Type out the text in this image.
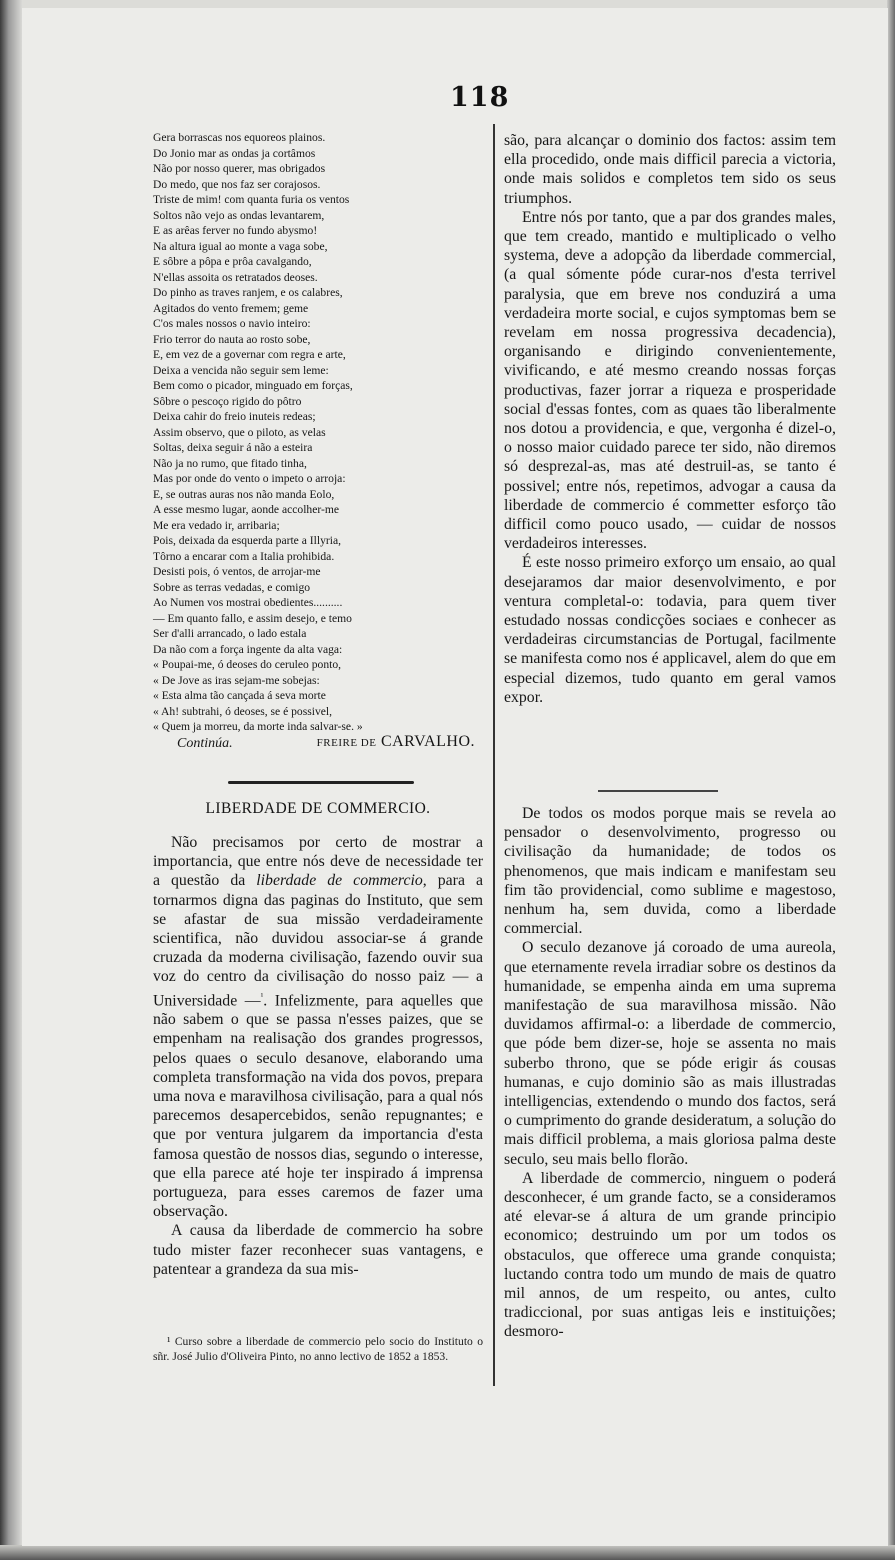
118
Gera borrascas nos equoreos plainos.
Do Jonio mar as ondas ja cortâmos
Não por nosso querer, mas obrigados
Do medo, que nos faz ser corajosos.
Triste de mim! com quanta furia os ventos
Soltos não vejo as ondas levantarem,
E as arêas ferver no fundo abysmo!
Na altura igual ao monte a vaga sobe,
E sôbre a pôpa e prôa cavalgando,
N'ellas assoita os retratados deoses.
Do pinho as traves ranjem, e os calabres,
Agitados do vento fremem; geme
C'os males nossos o navio inteiro:
Frio terror do nauta ao rosto sobe,
E, em vez de a governar com regra e arte,
Deixa a vencida não seguir sem leme:
Bem como o picador, minguado em forças,
Sôbre o pescoço rigido do pôtro
Deixa cahir do freio inuteis redeas;
Assim observo, que o piloto, as velas
Soltas, deixa seguir á não a esteira
Não ja no rumo, que fitado tinha,
Mas por onde do vento o impeto o arroja:
E, se outras auras nos não manda Eolo,
A esse mesmo lugar, aonde accolher-me
Me era vedado ir, arribaria;
Pois, deixada da esquerda parte a Illyria,
Tôrno a encarar com a Italia prohibida.
Desisti pois, ó ventos, de arrojar-me
Sobre as terras vedadas, e comigo
Ao Numen vos mostrai obedientes..........
— Em quanto fallo, e assim desejo, e temo
Ser d'alli arrancado, o lado estala
Da não com a força ingente da alta vaga:
« Poupai-me, ó deoses do ceruleo ponto,
« De Jove as iras sejam-me sobejas:
« Esta alma tão cançada á seva morte
« Ah! subtrahi, ó deoses, se é possivel,
« Quem ja morreu, da morte inda salvar-se. »
Continúa.	FREIRE DE CARVALHO.
LIBERDADE DE COMMERCIO.

Não precisamos por certo de mostrar a importancia, que entre nós deve de necessidade ter a questão da liberdade de commercio, para a tornarmos digna das paginas do Instituto, que sem se afastar de sua missão verdadeiramente scientifica, não duvidou associar-se á grande cruzada da moderna civilisação, fazendo ouvir sua voz do centro da civilisação do nosso paiz — a Universidade —$^{^1}$. Infelizmente, para aquelles que não sabem o que se passa n'esses paizes, que se empenham na realisação dos grandes progressos, pelos quaes o seculo desanove, elaborando uma completa transformação na vida dos povos, prepara uma nova e maravilhosa civilisação, para a qual nós parecemos desapercebidos, senão repugnantes; e que por ventura julgarem da importancia d'esta famosa questão de nossos dias, segundo o interesse, que ella parece até hoje ter inspirado á imprensa portugueza, para esses caremos de fazer uma observação.

A causa da liberdade de commercio ha sobre tudo mister fazer reconhecer suas vantagens, e patentear a grandeza da sua mis-

¹ Curso sobre a liberdade de commercio pelo socio do Instituto o sñr. José Julio d'Oliveira Pinto, no anno lectivo de 1852 a 1853.

são, para alcançar o dominio dos factos: assim tem ella procedido, onde mais difficil parecia a victoria, onde mais solidos e completos tem sido os seus triumphos.

Entre nós por tanto, que a par dos grandes males, que tem creado, mantido e multiplicado o velho systema, deve a adopção da liberdade commercial, (a qual sómente póde curar-nos d'esta terrivel paralysia, que em breve nos conduzirá a uma verdadeira morte social, e cujos symptomas bem se revelam em nossa progressiva decadencia), organisando e dirigindo convenientemente, vivificando, e até mesmo creando nossas forças productivas, fazer jorrar a riqueza e prosperidade social d'essas fontes, com as quaes tão liberalmente nos dotou a providencia, e que, vergonha é dizel-o, o nosso maior cuidado parece ter sido, não diremos só desprezal-as, mas até destruil-as, se tanto é possivel; entre nós, repetimos, advogar a causa da liberdade de commercio é commetter esforço tão difficil como pouco usado, — cuidar de nossos verdadeiros interesses.

É este nosso primeiro exforço um ensaio, ao qual desejaramos dar maior desenvolvimento, e por ventura completal-o: todavia, para quem tiver estudado nossas condicções sociaes e conhecer as verdadeiras circumstancias de Portugal, facilmente se manifesta como nos é applicavel, alem do que em especial dizemos, tudo quanto em geral vamos expor.

De todos os modos porque mais se revela ao pensador o desenvolvimento, progresso ou civilisação da humanidade; de todos os phenomenos, que mais indicam e manifestam seu fim tão providencial, como sublime e magestoso, nenhum ha, sem duvida, como a liberdade commercial.

O seculo dezanove já coroado de uma aureola, que eternamente revela irradiar sobre os destinos da humanidade, se empenha ainda em uma suprema manifestação de sua maravilhosa missão. Não duvidamos affirmal-o: a liberdade de commercio, que póde bem dizer-se, hoje se assenta no mais suberbo throno, que se póde erigir ás cousas humanas, e cujo dominio são as mais illustradas intelligencias, extendendo o mundo dos factos, será o cumprimento do grande desideratum, a solução do mais difficil problema, a mais gloriosa palma deste seculo, seu mais bello florão.

A liberdade de commercio, ninguem o poderá desconhecer, é um grande facto, se a consideramos até elevar-se á altura de um grande principio economico; destruindo um por um todos os obstaculos, que offerece uma grande conquista; luctando contra todo um mundo de mais de quatro mil annos, de um respeito, ou antes, culto tradiccional, por suas antigas leis e instituições; desmoro-
